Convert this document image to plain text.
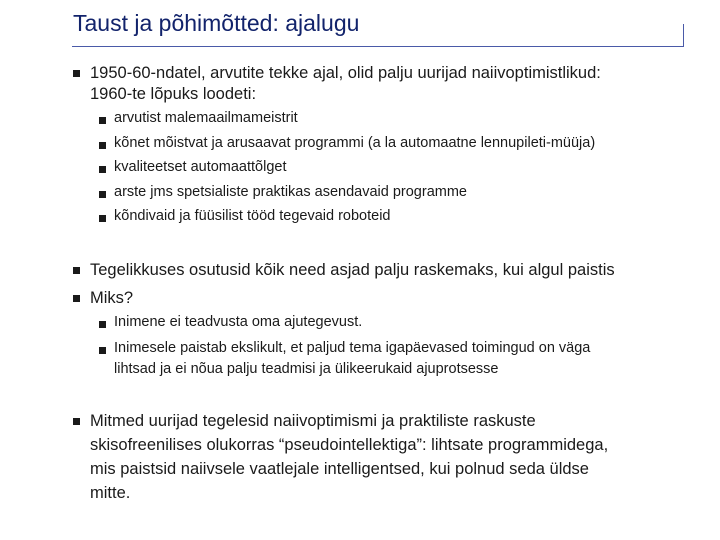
Taust ja põhimõtted: ajalugu
1950-60-ndatel, arvutite tekke ajal, olid palju uurijad naiivoptimistlikud:
1960-te lõpuks loodeti:
arvutist malemaailmameistrit
kõnet mõistvat ja arusaavat programmi (a la automaatne lennupileti-müüja)
kvaliteetset automaattõlget
arste jms spetsialiste praktikas asendavaid programme
kõndivaid ja füüsilist tööd tegevaid roboteid
Tegelikkuses osutusid kõik need asjad palju raskemaks, kui algul paistis
Miks?
Inimene ei teadvusta oma ajutegevust.
Inimesele paistab ekslikult, et paljud tema igapäevased toimingud on väga
lihtsad ja ei nõua palju teadmisi ja ülikeerukaid ajuprotsesse
Mitmed uurijad tegelesid naiivoptimismi ja praktiliste raskuste
skisofreenilises olukorras “pseudointellektiga”: lihtsate programmidega,
mis paistsid naiivsele vaatlejale intelligentsed, kui polnud seda üldse
mitte.
